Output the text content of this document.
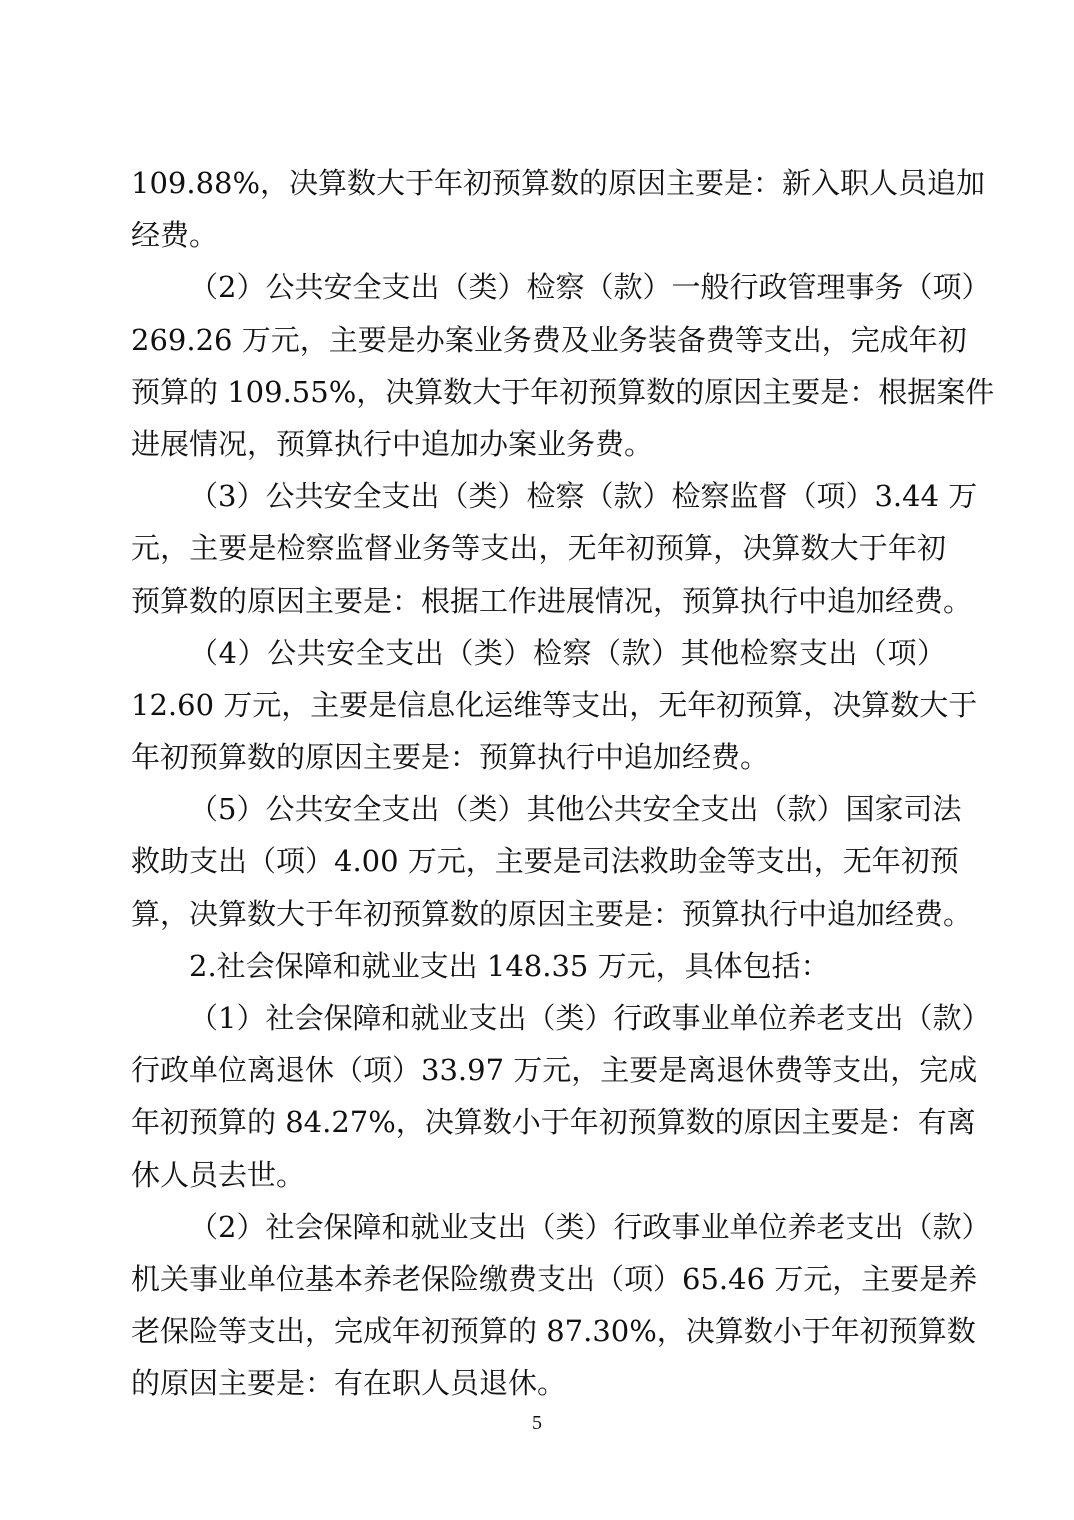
109.88%，决算数大于年初预算数的原因主要是：新入职人员追加
经费。
（2）公共安全支出（类）检察（款）一般行政管理事务（项）
269.26 万元，主要是办案业务费及业务装备费等支出，完成年初
预算的 109.55%，决算数大于年初预算数的原因主要是：根据案件
进展情况，预算执行中追加办案业务费。
（3）公共安全支出（类）检察（款）检察监督（项）3.44 万
元，主要是检察监督业务等支出，无年初预算，决算数大于年初
预算数的原因主要是：根据工作进展情况，预算执行中追加经费。
（4）公共安全支出（类）检察（款）其他检察支出（项）
12.60 万元，主要是信息化运维等支出，无年初预算，决算数大于
年初预算数的原因主要是：预算执行中追加经费。
（5）公共安全支出（类）其他公共安全支出（款）国家司法
救助支出（项）4.00 万元，主要是司法救助金等支出，无年初预
算，决算数大于年初预算数的原因主要是：预算执行中追加经费。
2.社会保障和就业支出 148.35 万元，具体包括：
（1）社会保障和就业支出（类）行政事业单位养老支出（款）
行政单位离退休（项）33.97 万元，主要是离退休费等支出，完成
年初预算的 84.27%，决算数小于年初预算数的原因主要是：有离
休人员去世。
（2）社会保障和就业支出（类）行政事业单位养老支出（款）
机关事业单位基本养老保险缴费支出（项）65.46 万元，主要是养
老保险等支出，完成年初预算的 87.30%，决算数小于年初预算数
的原因主要是：有在职人员退休。
5
